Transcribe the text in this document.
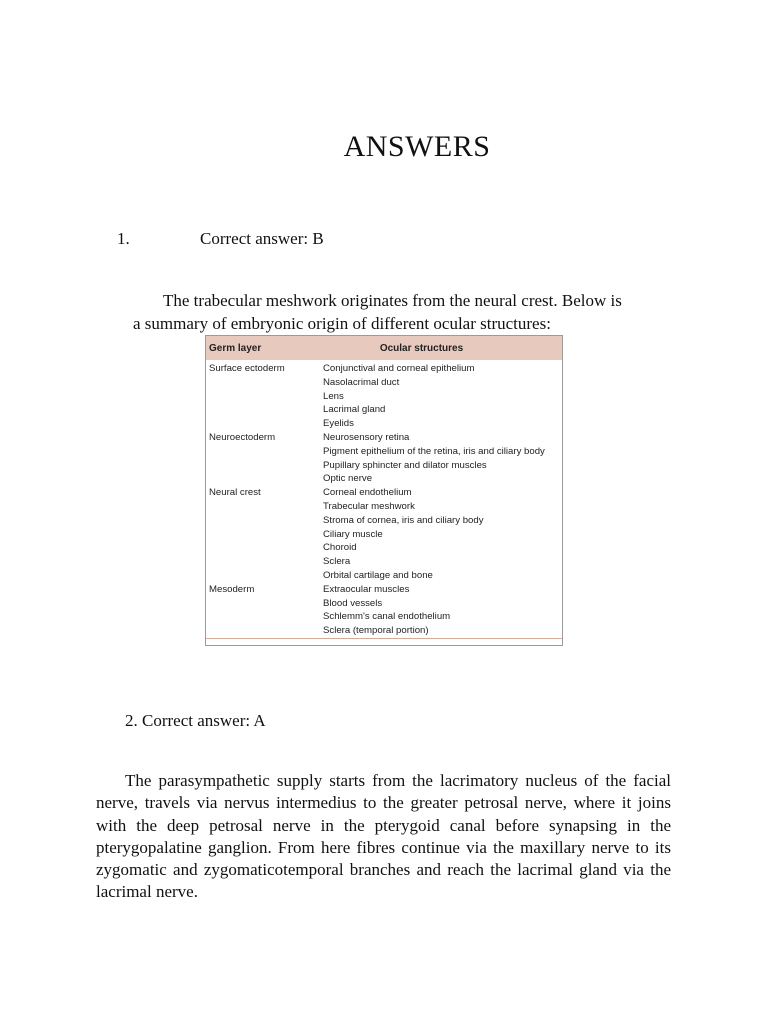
ANSWERS
1.	Correct answer: B
The trabecular meshwork originates from the neural crest. Below is
a summary of embryonic origin of different ocular structures:
Germ layer	Ocular structures
Surface ectoderm	Conjunctival and corneal epithelium
Nasolacrimal duct
Lens
Lacrimal gland
Eyelids
Neuroectoderm	Neurosensory retina
Pigment epithelium of the retina, iris and ciliary body
Pupillary sphincter and dilator muscles
Optic nerve
Neural crest	Corneal endothelium
Trabecular meshwork
Stroma of cornea, iris and ciliary body
Ciliary muscle
Choroid
Sclera
Orbital cartilage and bone
Mesoderm	Extraocular muscles
Blood vessels
Schlemm's canal endothelium
Sclera (temporal portion)
2. Correct answer: A
The parasympathetic supply starts from the lacrimatory nucleus of the facial nerve, travels via nervus intermedius to the greater petrosal nerve, where it joins with the deep petrosal nerve in the pterygoid canal before synapsing in the pterygopalatine ganglion. From here fibres continue via the maxillary nerve to its zygomatic and zygomaticotemporal branches and reach the lacrimal gland via the lacrimal nerve.
